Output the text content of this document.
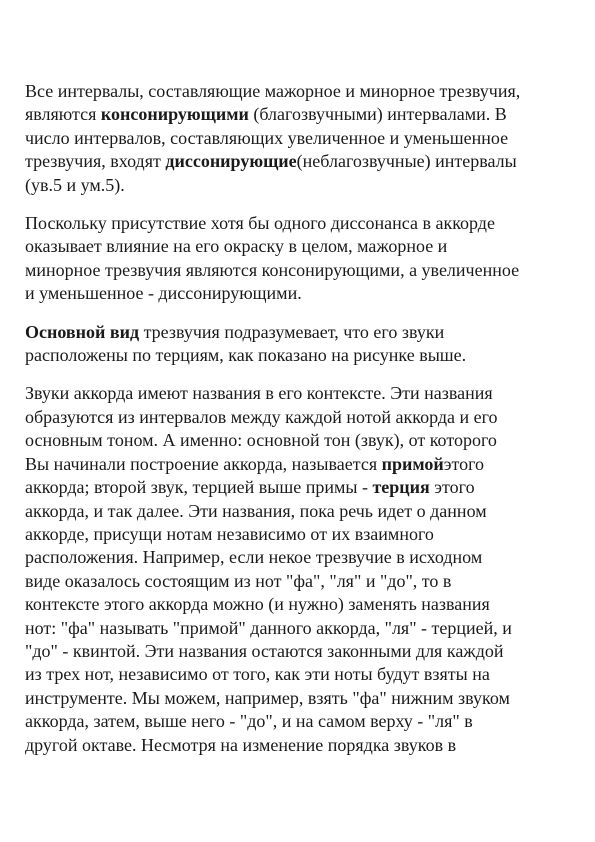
Все интервалы, составляющие мажорное и минорное трезвучия,
являются консонирующими (благозвучными) интервалами. В
число интервалов, составляющих увеличенное и уменьшенное
трезвучия, входят диссонирующие(неблагозвучные) интервалы
(ув.5 и ум.5).

Поскольку присутствие хотя бы одного диссонанса в аккорде
оказывает влияние на его окраску в целом, мажорное и
минорное трезвучия являются консонирующими, а увеличенное
и уменьшенное - диссонирующими.

Основной вид трезвучия подразумевает, что его звуки
расположены по терциям, как показано на рисунке выше.

Звуки аккорда имеют названия в его контексте. Эти названия
образуются из интервалов между каждой нотой аккорда и его
основным тоном. А именно: основной тон (звук), от которого
Вы начинали построение аккорда, называется примойэтого
аккорда; второй звук, терцией выше примы - терция этого
аккорда, и так далее. Эти названия, пока речь идет о данном
аккорде, присущи нотам независимо от их взаимного
расположения. Например, если некое трезвучие в исходном
виде оказалось состоящим из нот "фа", "ля" и "до", то в
контексте этого аккорда можно (и нужно) заменять названия
нот: "фа" называть "примой" данного аккорда, "ля" - терцией, и
"до" - квинтой. Эти названия остаются законными для каждой
из трех нот, независимо от того, как эти ноты будут взяты на
инструменте. Мы можем, например, взять "фа" нижним звуком
аккорда, затем, выше него - "до", и на самом верху - "ля" в
другой октаве. Несмотря на изменение порядка звуков в
